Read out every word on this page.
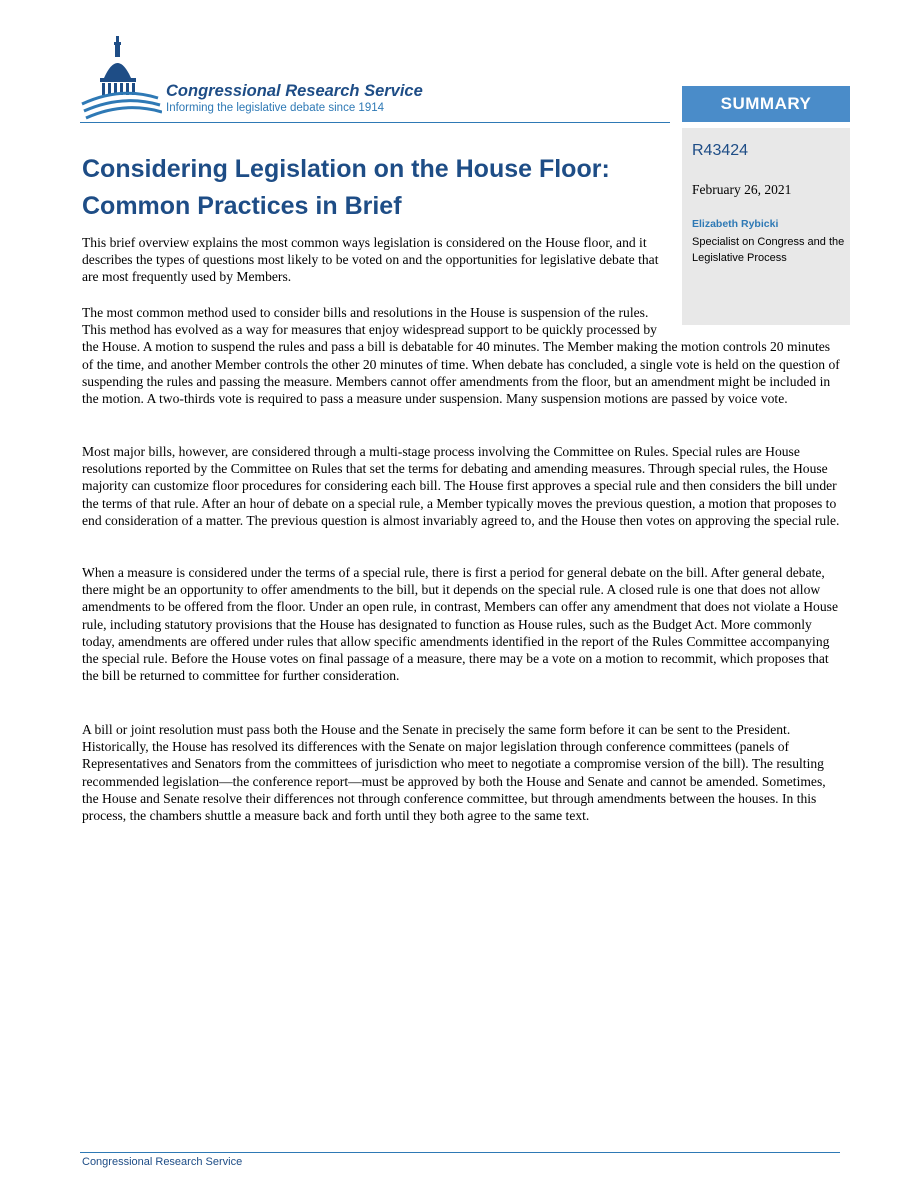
Congressional Research Service
Informing the legislative debate since 1914	SUMMARY
R43424
February 26, 2021
Elizabeth Rybicki
Specialist on Congress and the Legislative Process
Considering Legislation on the House Floor:
Common Practices in Brief

This brief overview explains the most common ways legislation is considered on the House floor, and it describes the types of questions most likely to be voted on and the opportunities for legislative debate that are most frequently used by Members.

The most common method used to consider bills and resolutions in the House is suspension of the rules.
This method has evolved as a way for measures that enjoy widespread support to be quickly processed by
the House. A motion to suspend the rules and pass a bill is debatable for 40 minutes. The Member making the motion controls 20 minutes of the time, and another Member controls the other 20 minutes of time. When debate has concluded, a single vote is held on the question of suspending the rules and passing the measure. Members cannot offer amendments from the floor, but an amendment might be included in the motion. A two-thirds vote is required to pass a measure under suspension. Many suspension motions are passed by voice vote.

Most major bills, however, are considered through a multi-stage process involving the Committee on Rules. Special rules are House resolutions reported by the Committee on Rules that set the terms for debating and amending measures. Through special rules, the House majority can customize floor procedures for considering each bill. The House first approves a special rule and then considers the bill under the terms of that rule. After an hour of debate on a special rule, a Member typically moves the previous question, a motion that proposes to end consideration of a matter. The previous question is almost invariably agreed to, and the House then votes on approving the special rule.

When a measure is considered under the terms of a special rule, there is first a period for general debate on the bill. After general debate, there might be an opportunity to offer amendments to the bill, but it depends on the special rule. A closed rule is one that does not allow amendments to be offered from the floor. Under an open rule, in contrast, Members can offer any amendment that does not violate a House rule, including statutory provisions that the House has designated to function as House rules, such as the Budget Act. More commonly today, amendments are offered under rules that allow specific amendments identified in the report of the Rules Committee accompanying the special rule. Before the House votes on final passage of a measure, there may be a vote on a motion to recommit, which proposes that the bill be returned to committee for further consideration.

A bill or joint resolution must pass both the House and the Senate in precisely the same form before it can be sent to the President. Historically, the House has resolved its differences with the Senate on major legislation through conference committees (panels of Representatives and Senators from the committees of jurisdiction who meet to negotiate a compromise version of the bill). The resulting recommended legislation—the conference report—must be approved by both the House and Senate and cannot be amended. Sometimes, the House and Senate resolve their differences not through conference committee, but through amendments between the houses. In this process, the chambers shuttle a measure back and forth until they both agree to the same text.

Congressional Research Service
